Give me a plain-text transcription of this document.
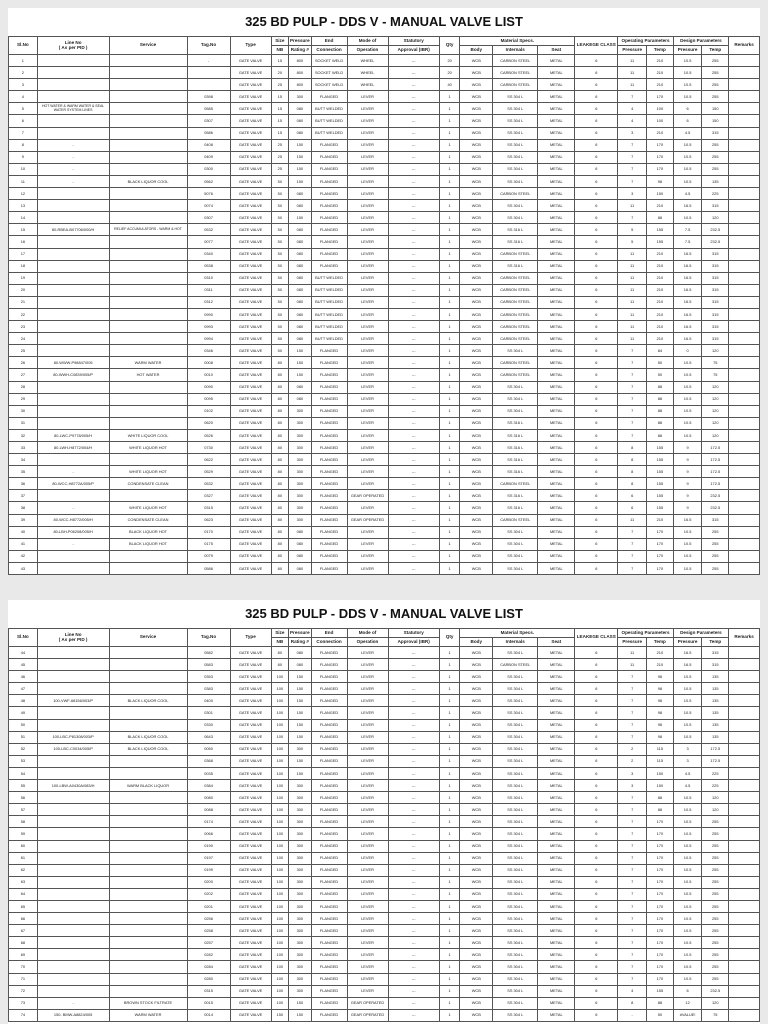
325 BD PULP - DDS V - MANUAL VALVE LIST
Sl.No	Line No
( As per PID )	Service	Tag.No	Type	Size	Pressure	End	Mode of	Statutory	Qty	Material Specs.			LEAKEGE CLASS	Operating Parameters		Design Parameters		Remarks
					NB	Rating #	Connection	Operation	Approval (IBR)		Body	Internals	Seat		Pressure	Temp	Pressure	Temp	
1			-	GATE VALVE	15	800	SOCKET WELD	WHEEL	---	20	WCB	CARBON STEEL	METAL	6	11	210	10.5	255	
2				GATE VALVE	20	800	SOCKET WELD	WHEEL	---	20	WCB	CARBON STEEL	METAL	6	11	210	10.5	255	
3				GATE VALVE	25	800	SOCKET WELD	WHEEL	---	40	WCB	CARBON STEEL	METAL	6	11	210	10.5	255	
4			0398	GATE VALVE	15	300	FLANGED	LEVER	---	1	WCB	SS 304 L	METAL	6	7	170	10.5	255	
5	HOT WATER & WARM WATER & SEAL WATER SYSTEM LINES		0585	GATE VALVE	15	080	BUTT WELDED	LEVER	---	1	WCB	SS 304 L	METAL	6	4	100	6	150	
6			0307	GATE VALVE	15	080	BUTT WELDED	LEVER	---	1	WCB	SS 304 L	METAL	6	4	100	6	150	
7			0586	GATE VALVE	15	080	BUTT WELDED	LEVER	---	1	WCB	SS 304 L	METAL	6	3	210	4.5	315	
8	-		0408	GATE VALVE	25	150	FLANGED	LEVER	---	1	WCB	SS 304 L	METAL	6	7	170	10.5	255	
9	-		0409	GATE VALVE	25	150	FLANGED	LEVER	---	1	WCB	SS 304 L	METAL	6	7	170	10.5	255	
10	-		0300	GATE VALVE	25	150	FLANGED	LEVER	---	1	WCB	SS 304 L	METAL	6	7	170	10.5	255	
11	-	BLACK LIQUOR COOL	0562	GATE VALVE	50	150	FLANGED	LEVER	---	1	WCB	SS 304 L	METAL	6	7	98	10.5	135	
12			5076	GATE VALVE	50	080	FLANGED	LEVER	---	1	WCB	CARBON STEEL	METAL	6	3	150	4.5	225	
13			0074	GATE VALVE	50	080	FLANGED	LEVER	---	1	WCB	SS 304 L	METAL	6	11	210	16.5	315	
14			0307	GATE VALVE	50	150	FLANGED	LEVER	---	1	WCB	SS 304 L	METAL	6	7	88	10.5	120	
15	80-RBEA-B07706/000/H	RELIEF ACCUMULATORS - WARM & HOT	0532	GATE VALVE	50	080	FLANGED	LEVER	---	1	WCB	SS 316 L	METAL	6	5	155	7.5	232.5	
16			0077	GATE VALVE	50	080	FLANGED	LEVER	---	1	WCB	SS 316 L	METAL	6	5	155	7.5	232.5	
17			0340	GATE VALVE	50	080	FLANGED	LEVER	---	1	WCB	CARBON STEEL	METAL	6	11	210	16.5	315	
18			0538	GATE VALVE	50	080	FLANGED	LEVER	---	1	WCB	SS 316 L	METAL	6	11	210	16.5	315	
19			0310	GATE VALVE	50	080	BUTT WELDED	LEVER	---	1	WCB	CARBON STEEL	METAL	6	11	210	16.5	315	
20			0311	GATE VALVE	50	080	BUTT WELDED	LEVER	---	1	WCB	CARBON STEEL	METAL	6	11	210	16.5	315	
21			0312	GATE VALVE	50	080	BUTT WELDED	LEVER	---	1	WCB	CARBON STEEL	METAL	6	11	210	16.5	315	
22			0990	GATE VALVE	50	080	BUTT WELDED	LEVER	---	1	WCB	CARBON STEEL	METAL	6	11	210	16.5	315	
23			0993	GATE VALVE	50	080	BUTT WELDED	LEVER	---	1	WCB	CARBON STEEL	METAL	6	11	210	16.5	315	
24			0994	GATE VALVE	50	080	BUTT WELDED	LEVER	---	1	WCB	CARBON STEEL	METAL	6	11	210	16.5	315	
25			0346	GATE VALVE	50	150	FLANGED	LEVER	---	1	WCB	SS 304 L	METAL	6	7	84	0	120	
26	80-WWW-P98847/005	WARM WATER	0008	GATE VALVE	80	150	FLANGED	LEVER	---	1	WCB	CARBON STEEL	METAL	6	7	50	10.5	75	
27	80-WWH-C0839/005/P	HOT WATER	0010	GATE VALVE	80	150	FLANGED	LEVER	---	1	WCB	CARBON STEEL	METAL	6	7	50	10.5	75	
28			0090	GATE VALVE	80	080	FLANGED	LEVER	---	1	WCB	SS 304 L	METAL	6	7	88	10.5	120	
29			0095	GATE VALVE	80	080	FLANGED	LEVER	---	1	WCB	SS 304 L	METAL	6	7	88	10.5	120	
30			0102	GATE VALVE	80	300	FLANGED	LEVER	---	1	WCB	SS 304 L	METAL	6	7	88	10.5	120	
31			0620	GATE VALVE	80	300	FLANGED	LEVER	---	1	WCB	SS 316 L	METAL	6	7	88	10.5	120	
32	80-LWC-P9778/005/H	WHITE LIQUOR COOL	0526	GATE VALVE	80	300	FLANGED	LEVER	---	1	WCB	SS 316 L	METAL	6	7	88	10.5	120	
33	80-LWH-H8772/004/H	WHITE LIQUOR HOT	0730	GATE VALVE	80	300	FLANGED	LEVER	---	1	WCB	SS 316 L	METAL	6	8	155	9	172.5	
34			0622	GATE VALVE	80	300	FLANGED	LEVER	---	1	WCB	SS 316 L	METAL	6	8	155	9	172.5	
35	-	WHITE LIQUOR HOT	0529	GATE VALVE	80	300	FLANGED	LEVER	---	1	WCB	SS 316 L	METAL	6	8	155	9	172.5	
36	80-WCC-H8772A/005/P	CONDENSATE CLEAN	0532	GATE VALVE	80	300	FLANGED	LEVER	---	1	WCB	CARBON STEEL	METAL	6	8	155	9	172.5	
37			0327	GATE VALVE	80	300	FLANGED	GEAR OPERATED	---	1	WCB	SS 316 L	METAL	6	6	155	9	232.5	
38	-	WHITE LIQUOR HOT	0315	GATE VALVE	80	300	FLANGED	LEVER	---	1	WCB	SS 316 L	METAL	6	6	155	9	232.5	
39	80-WCC-H8772/005/H	CONDENSATE CLEAN	0623	GATE VALVE	80	300	FLANGED	GEAR OPERATED	---	1	WCB	CARBON STEEL	METAL	6	11	210	16.5	315	
40	80-LBH-P06208/005/H	BLACK LIQUOR HOT	0170	GATE VALVE	80	080	FLANGED	LEVER	---	1	WCB	SS 304 L	METAL	6	7	170	10.5	255	
41	-	BLACK LIQUOR HOT	0175	GATE VALVE	80	080	FLANGED	LEVER	---	1	WCB	SS 304 L	METAL	6	7	170	10.5	255	
42			0079	GATE VALVE	80	080	FLANGED	LEVER	---	1	WCB	SS 304 L	METAL	6	7	170	10.5	255	
43			0586	GATE VALVE	80	080	FLANGED	LEVER	---	1	WCB	SS 304 L	METAL	6	7	170	10.5	255	
325 BD PULP - DDS V - MANUAL VALVE LIST
Sl.No	Line No
( As per PID )	Service	Tag.No	Type	Size	Pressure	End	Mode of	Statutory	Qty	Material Specs.			LEAKEGE CLASS	Operating Parameters		Design Parameters		Remarks
					NB	Rating #	Connection	Operation	Approval (IBR)		Body	Internals	Seat		Pressure	Temp	Pressure	Temp	
44			0582	GATE VALVE	80	080	FLANGED	LEVER	---	1	WCB	SS 304 L	METAL	6	11	210	16.5	315	
45			0583	GATE VALVE	80	080	FLANGED	LEVER	---	1	WCB	CARBON STEEL	METAL	6	11	210	16.5	315	
46			0353	GATE VALVE	100	150	FLANGED	LEVER	---	1	WCB	SS 304 L	METAL	6	7	98	10.5	135	
47			0383	GATE VALVE	100	150	FLANGED	LEVER	---	1	WCB	SS 304 L	METAL	6	7	98	10.5	135	
48	100-VWF-68156/003/P	BLACK LIQUOR COOL	0400	GATE VALVE	100	150	FLANGED	LEVER	---	1	WCB	SS 304 L	METAL	6	7	98	10.5	135	
49			0301	GATE VALVE	100	150	FLANGED	LEVER	---	1	WCB	SS 304 L	METAL	6	7	98	10.5	135	
50			0330	GATE VALVE	100	150	FLANGED	LEVER	---	1	WCB	SS 304 L	METAL	6	7	98	10.5	135	
51	100-LBC-P81308/003/P	BLACK LIQUOR COOL	0643	GATE VALVE	100	150	FLANGED	LEVER	---	1	WCB	SS 304 L	METAL	6	7	98	10.5	135	
52	100-LBC-C0034/005/P	BLACK LIQUOR COOL	0050	GATE VALVE	100	300	FLANGED	LEVER	---	1	WCB	SS 304 L	METAL	6	2	115	3	172.5	
53			0368	GATE VALVE	100	150	FLANGED	LEVER	---	1	WCB	SS 304 L	METAL	6	2	115	3	172.5	
54			0035	GATE VALVE	100	150	FLANGED	LEVER	---	1	WCB	SS 304 L	METAL	6	3	150	4.5	225	
55	100-LBW-A0430A/083/H	WARM BLACK LIQUOR	0384	GATE VALVE	100	300	FLANGED	LEVER	---	1	WCB	SS 304 L	METAL	6	3	150	4.5	225	
56			0080	GATE VALVE	100	300	FLANGED	LEVER	---	1	WCB	SS 304 L	METAL	6	7	88	10.5	120	
57			0088	GATE VALVE	100	300	FLANGED	LEVER	---	1	WCB	SS 304 L	METAL	6	7	88	10.5	120	
58			0174	GATE VALVE	100	300	FLANGED	LEVER	---	1	WCB	SS 304 L	METAL	6	7	170	10.5	255	
59			0066	GATE VALVE	100	300	FLANGED	LEVER	---	1	WCB	SS 304 L	METAL	6	7	170	10.5	255	
60			0190	GATE VALVE	100	300	FLANGED	LEVER	---	1	WCB	SS 304 L	METAL	6	7	170	10.5	255	
61			0197	GATE VALVE	100	300	FLANGED	LEVER	---	1	WCB	SS 304 L	METAL	6	7	170	10.5	255	
62			0199	GATE VALVE	100	300	FLANGED	LEVER	---	1	WCB	SS 304 L	METAL	6	7	170	10.5	255	
63			0200	GATE VALVE	100	300	FLANGED	LEVER	---	1	WCB	SS 304 L	METAL	6	7	170	10.5	255	
64			0202	GATE VALVE	100	300	FLANGED	LEVER	---	1	WCB	SS 304 L	METAL	6	7	170	10.5	255	
65			0201	GATE VALVE	100	300	FLANGED	LEVER	---	1	WCB	SS 304 L	METAL	6	7	170	10.5	255	
66			0256	GATE VALVE	100	300	FLANGED	LEVER	---	1	WCB	SS 304 L	METAL	6	7	170	10.5	255	
67			0258	GATE VALVE	100	300	FLANGED	LEVER	---	1	WCB	SS 304 L	METAL	6	7	170	10.5	255	
68			0257	GATE VALVE	100	300	FLANGED	LEVER	---	1	WCB	SS 304 L	METAL	6	7	170	10.5	255	
69			0282	GATE VALVE	100	300	FLANGED	LEVER	---	1	WCB	SS 304 L	METAL	6	7	170	10.5	255	
70			0284	GATE VALVE	100	300	FLANGED	LEVER	---	1	WCB	SS 304 L	METAL	6	7	170	10.5	255	
71			0280	GATE VALVE	100	300	FLANGED	LEVER	---	1	WCB	SS 304 L	METAL	6	7	170	10.5	255	
72			0315	GATE VALVE	100	300	FLANGED	LEVER	---	1	WCB	SS 304 L	METAL	6	4	155	6	232.5	
73	-	BROWN STOCK FILTRATE	0015	GATE VALVE	100	150	FLANGED	GEAR OPERATED	---	1	WCB	SS 304 L	METAL	6	8	88	12	120	
74	150- BMW-A8824/005	WARM WATER	0014	GATE VALVE	150	150	FLANGED	GEAR OPERATED	---	1	WCB	SS 304 L	METAL	6	-	50	#VALUE!	75	
